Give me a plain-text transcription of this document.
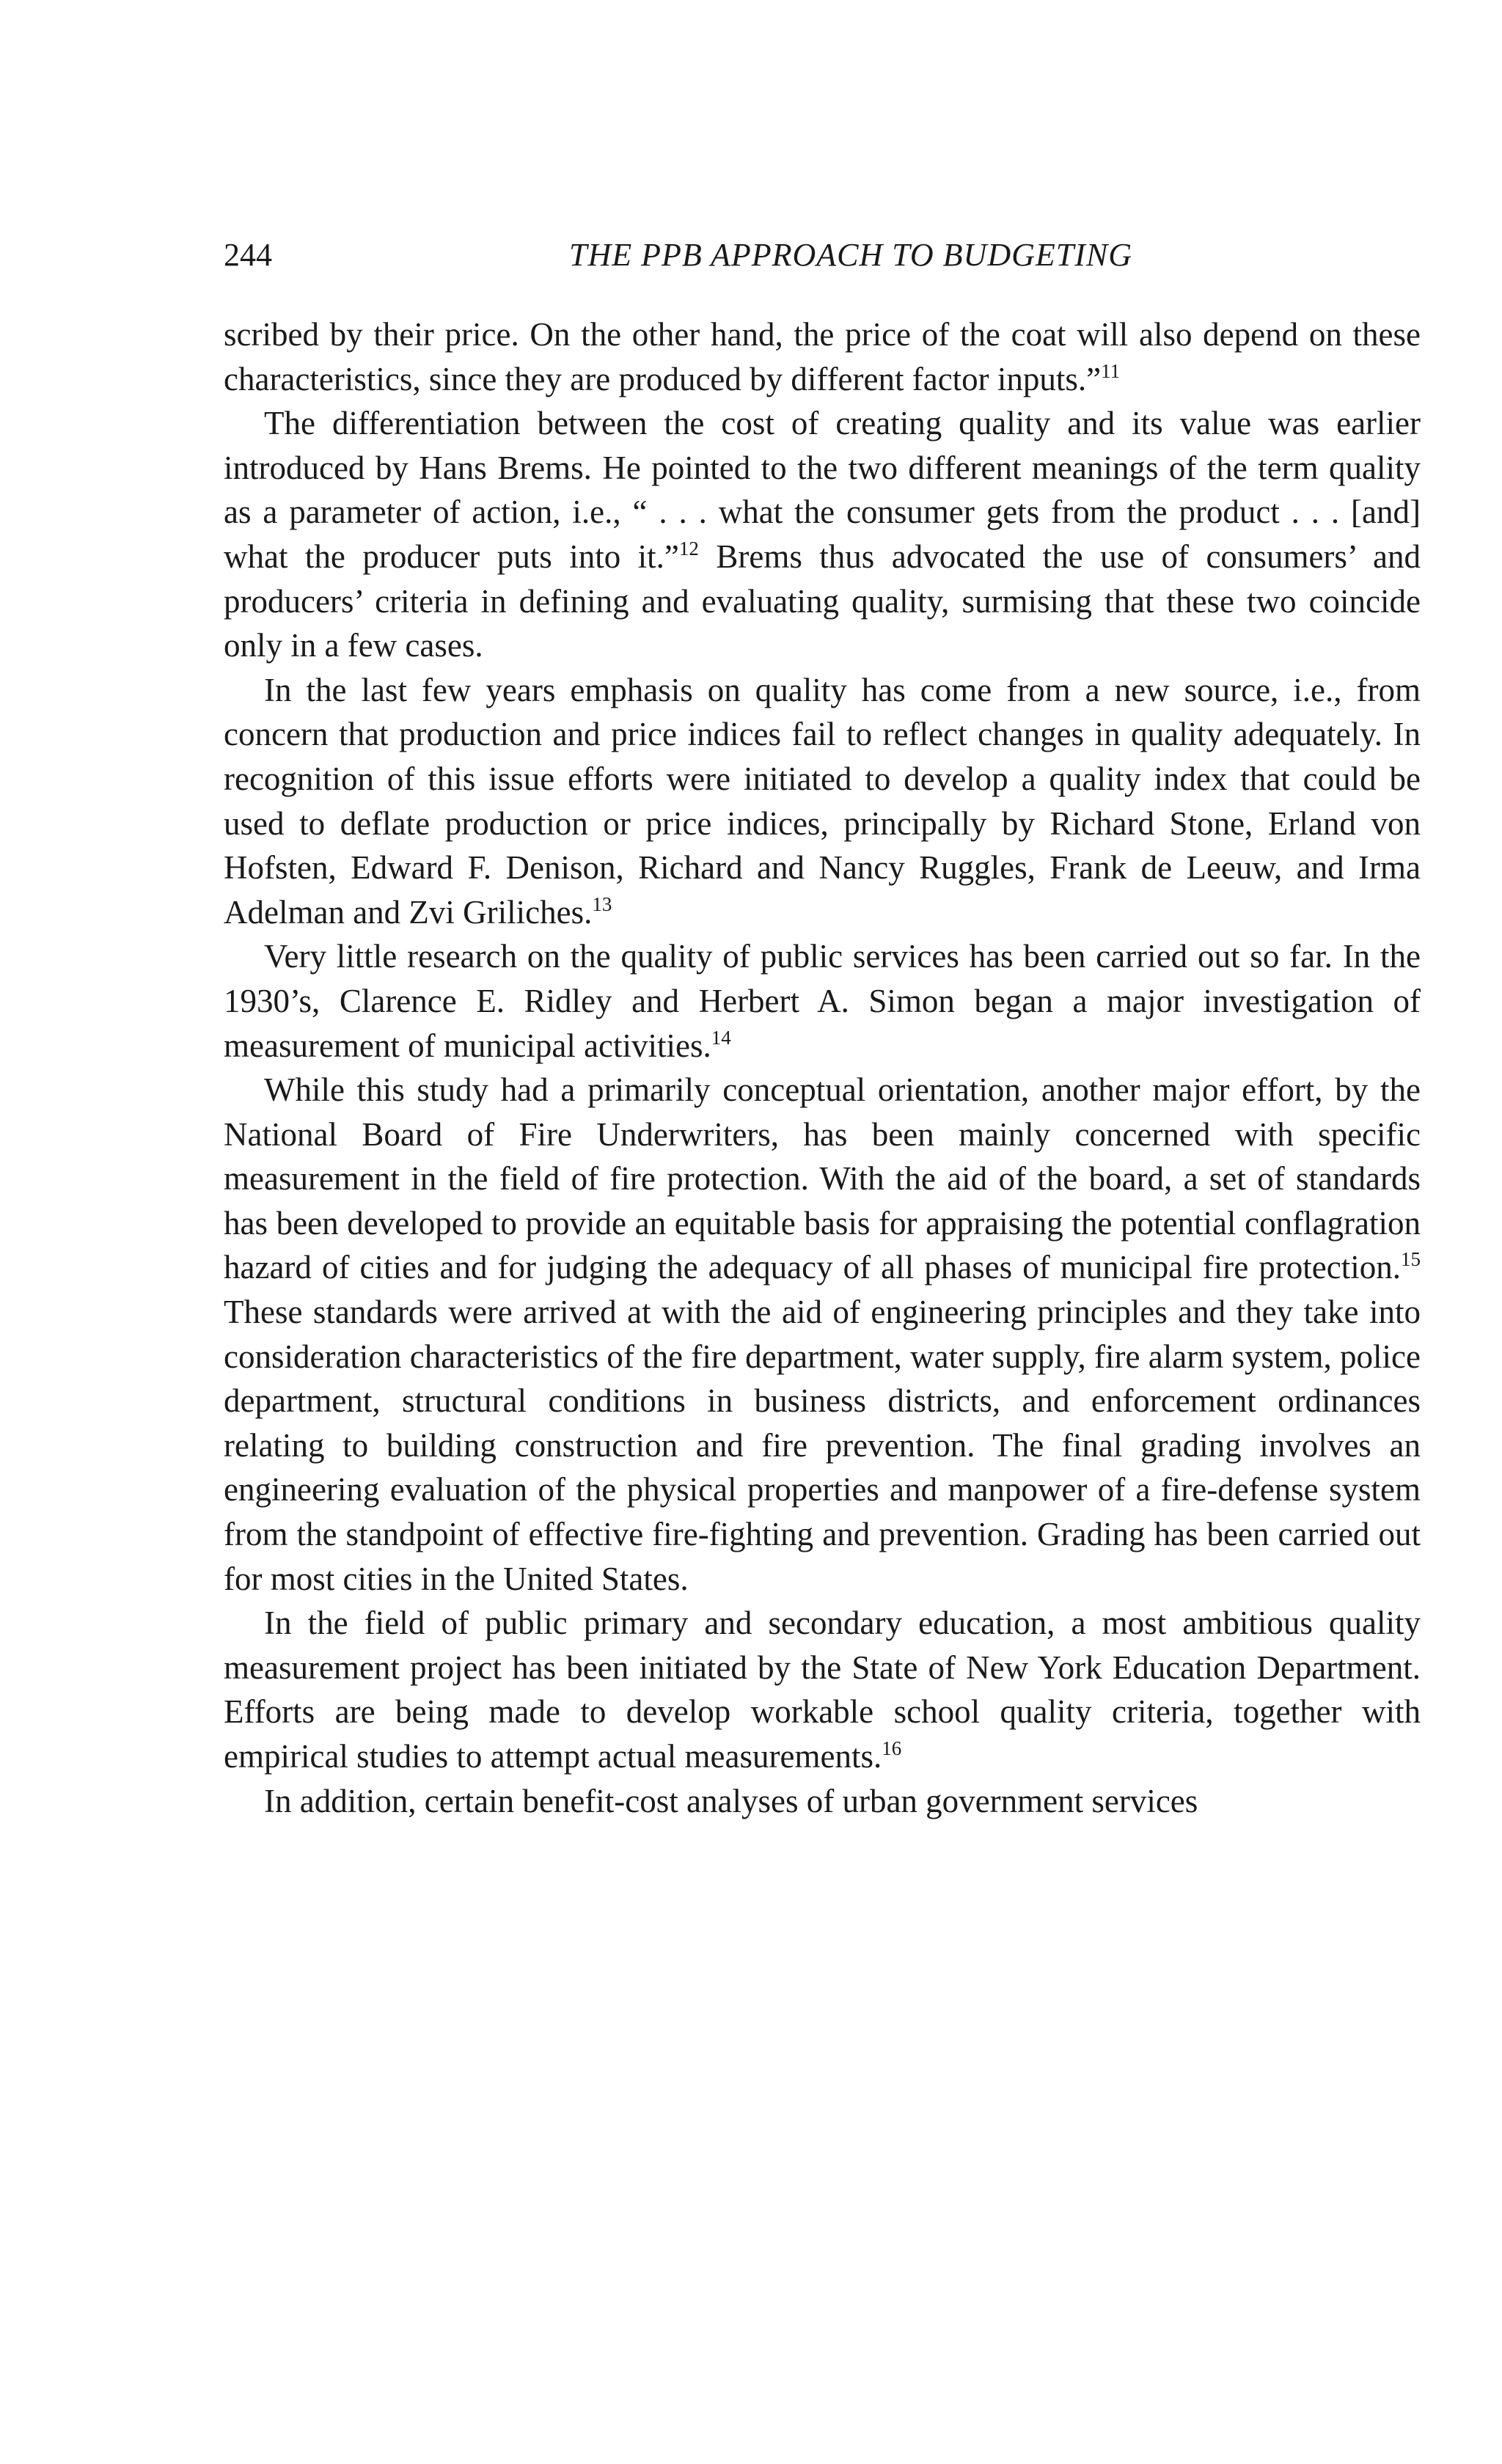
244	THE PPB APPROACH TO BUDGETING

scribed by their price. On the other hand, the price of the coat will also depend on these characteristics, since they are produced by different factor inputs.”$^{11}$

The differentiation between the cost of creating quality and its value was earlier introduced by Hans Brems. He pointed to the two different meanings of the term quality as a parameter of action, i.e., “ . . . what the consumer gets from the product . . . [and] what the producer puts into it.”$^{12}$ Brems thus advocated the use of consumers’ and producers’ criteria in defining and evaluating quality, surmising that these two coincide only in a few cases.

In the last few years emphasis on quality has come from a new source, i.e., from concern that production and price indices fail to reflect changes in quality adequately. In recognition of this issue efforts were initiated to develop a quality index that could be used to deflate production or price indices, principally by Richard Stone, Erland von Hofsten, Edward F. Denison, Richard and Nancy Ruggles, Frank de Leeuw, and Irma Adelman and Zvi Griliches.$^{13}$

Very little research on the quality of public services has been carried out so far. In the 1930’s, Clarence E. Ridley and Herbert A. Simon began a major investigation of measurement of municipal activities.$^{14}$

While this study had a primarily conceptual orientation, another major effort, by the National Board of Fire Underwriters, has been mainly concerned with specific measurement in the field of fire protection. With the aid of the board, a set of standards has been developed to provide an equitable basis for appraising the potential conflagration hazard of cities and for judging the adequacy of all phases of municipal fire protection.$^{15}$ These standards were arrived at with the aid of engineering principles and they take into consideration characteristics of the fire department, water supply, fire alarm system, police department, structural conditions in business districts, and enforcement ordinances relating to building construction and fire prevention. The final grading involves an engineering evaluation of the physical properties and manpower of a fire-defense system from the standpoint of effective fire-fighting and prevention. Grading has been carried out for most cities in the United States.

In the field of public primary and secondary education, a most ambitious quality measurement project has been initiated by the State of New York Education Department. Efforts are being made to develop workable school quality criteria, together with empirical studies to attempt actual measurements.$^{16}$

In addition, certain benefit-cost analyses of urban government services
